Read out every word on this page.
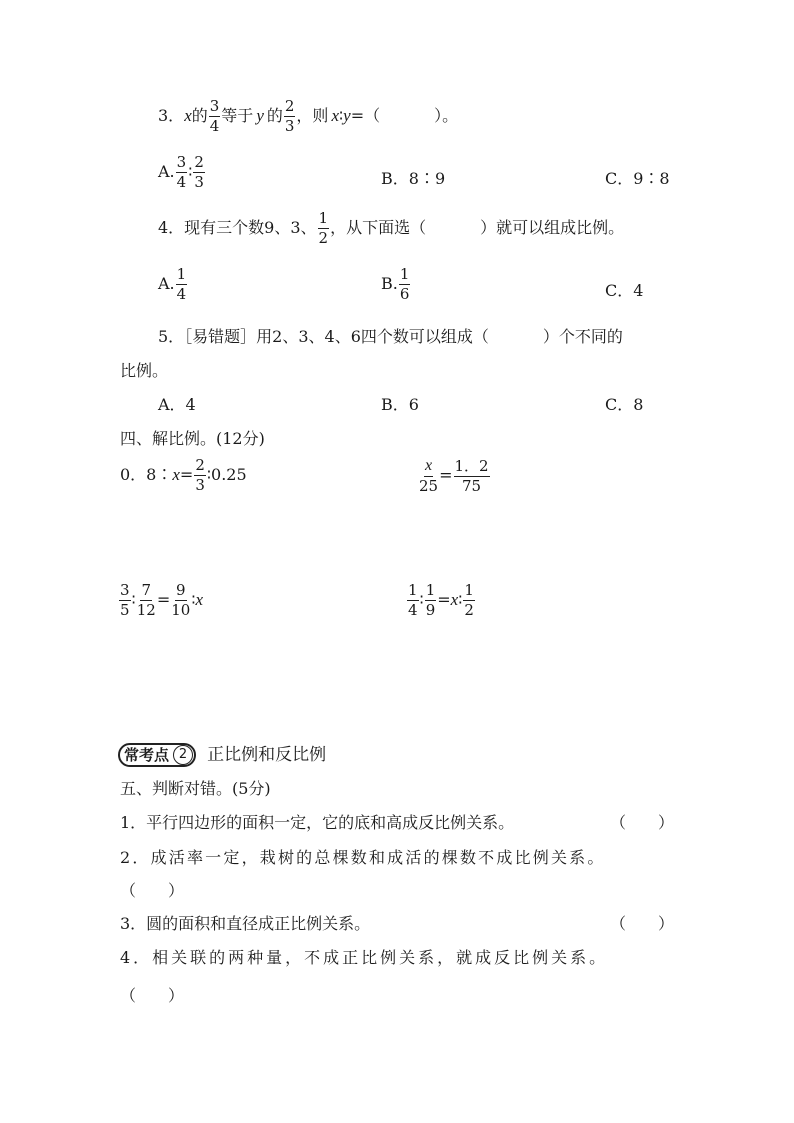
3．x的 $\frac{3}{4}$ 等于 y 的 $\frac{2}{3}$ ，则 x∶y=（	）。
A. $\frac{3}{4}$ ∶ $\frac{2}{3}$	B．8∶9	C．9∶8
4．现有三个数9、3、 $\frac{1}{2}$ ，从下面选（	）就可以组成比例。
A. $\frac{1}{4}$	B. $\frac{1}{6}$	C．4
5．［易错题］用2、3、4、6四个数可以组成（	）个不同的
比例。
A．4	B．6	C．8
四、解比例。(12分)
0．8∶x= $\frac{2}{3}$ ∶0.25	$\frac{x}{25} = \frac{1.2}{75}$
$\frac{3}{5}$ ∶ $\frac{7}{12} = \frac{9}{10}$ ∶x	$\frac{1}{4}$ ∶ $\frac{1}{9}$ =x∶ $\frac{1}{2}$
常考点 2	正比例和反比例
五、判断对错。(5分)
1．平行四边形的面积一定，它的底和高成反比例关系。	（　　）
2．成活率一定，栽树的总棵数和成活的棵数不成比例关系。
（　　）
3．圆的面积和直径成正比例关系。	（　　）
4．相关联的两种量，不成正比例关系，就成反比例关系。
（　　）
